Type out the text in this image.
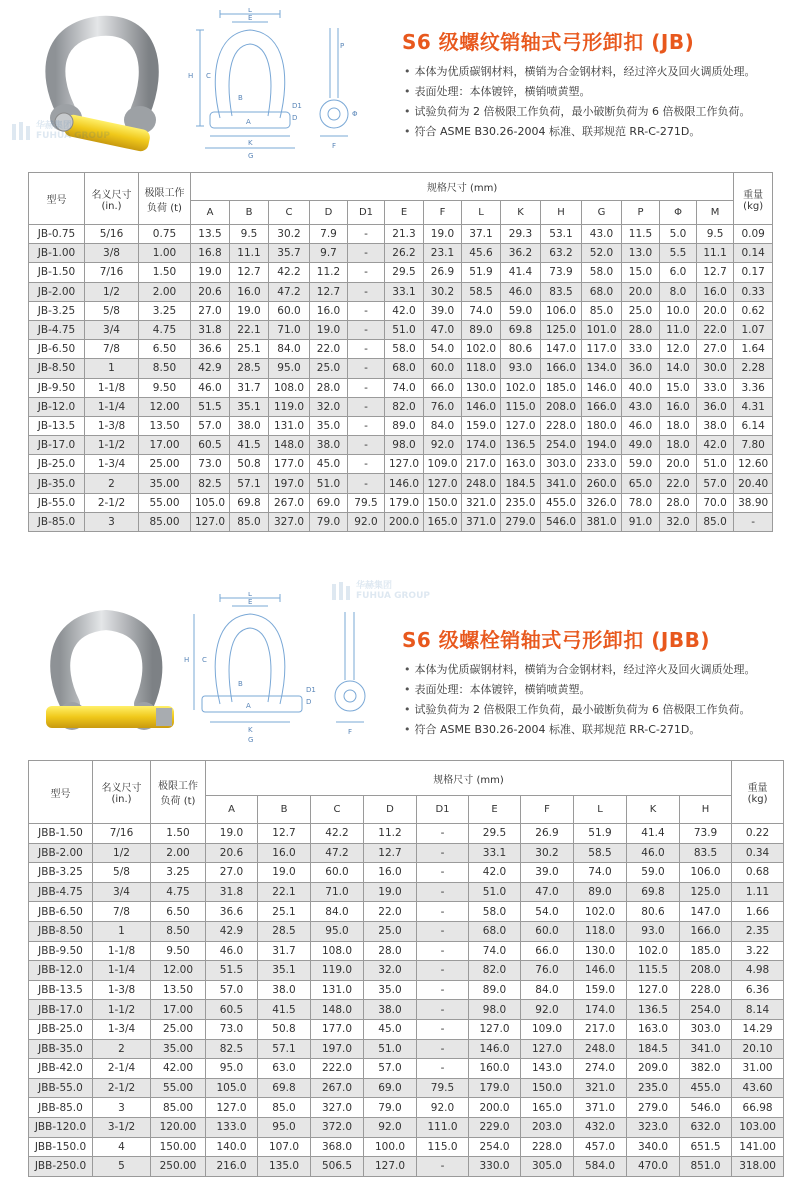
L
E
H C
G
K
A
B
F
D
D1
P
Φ
S6 级螺纹销轴式弓形卸扣 (JB)
• 本体为优质碳钢材料，横销为合金钢材料，经过淬火及回火调质处理。
• 表面处理：本体镀锌，横销喷黄塑。
• 试验负荷为 2 倍极限工作负荷，最小破断负荷为 6 倍极限工作负荷。
• 符合 ASME B30.26-2004 标准、联邦规范 RR-C-271D。
华赫集团
FUHUA GROUP
型号	名义尺寸
(in.)	极限工作
负荷 (t)	规格尺寸 (mm)														重量
(kg)
			A	B	C	D	D1	E	F	L	K	H	G	P	Φ	M	
JB-0.75	5/16	0.75	13.5	9.5	30.2	7.9	-	21.3	19.0	37.1	29.3	53.1	43.0	11.5	5.0	9.5	0.09
JB-1.00	3/8	1.00	16.8	11.1	35.7	9.7	-	26.2	23.1	45.6	36.2	63.2	52.0	13.0	5.5	11.1	0.14
JB-1.50	7/16	1.50	19.0	12.7	42.2	11.2	-	29.5	26.9	51.9	41.4	73.9	58.0	15.0	6.0	12.7	0.17
JB-2.00	1/2	2.00	20.6	16.0	47.2	12.7	-	33.1	30.2	58.5	46.0	83.5	68.0	20.0	8.0	16.0	0.33
JB-3.25	5/8	3.25	27.0	19.0	60.0	16.0	-	42.0	39.0	74.0	59.0	106.0	85.0	25.0	10.0	20.0	0.62
JB-4.75	3/4	4.75	31.8	22.1	71.0	19.0	-	51.0	47.0	89.0	69.8	125.0	101.0	28.0	11.0	22.0	1.07
JB-6.50	7/8	6.50	36.6	25.1	84.0	22.0	-	58.0	54.0	102.0	80.6	147.0	117.0	33.0	12.0	27.0	1.64
JB-8.50	1	8.50	42.9	28.5	95.0	25.0	-	68.0	60.0	118.0	93.0	166.0	134.0	36.0	14.0	30.0	2.28
JB-9.50	1-1/8	9.50	46.0	31.7	108.0	28.0	-	74.0	66.0	130.0	102.0	185.0	146.0	40.0	15.0	33.0	3.36
JB-12.0	1-1/4	12.00	51.5	35.1	119.0	32.0	-	82.0	76.0	146.0	115.0	208.0	166.0	43.0	16.0	36.0	4.31
JB-13.5	1-3/8	13.50	57.0	38.0	131.0	35.0	-	89.0	84.0	159.0	127.0	228.0	180.0	46.0	18.0	38.0	6.14
JB-17.0	1-1/2	17.00	60.5	41.5	148.0	38.0	-	98.0	92.0	174.0	136.5	254.0	194.0	49.0	18.0	42.0	7.80
JB-25.0	1-3/4	25.00	73.0	50.8	177.0	45.0	-	127.0	109.0	217.0	163.0	303.0	233.0	59.0	20.0	51.0	12.60
JB-35.0	2	35.00	82.5	57.1	197.0	51.0	-	146.0	127.0	248.0	184.5	341.0	260.0	65.0	22.0	57.0	20.40
JB-55.0	2-1/2	55.00	105.0	69.8	267.0	69.0	79.5	179.0	150.0	321.0	235.0	455.0	326.0	78.0	28.0	70.0	38.90
JB-85.0	3	85.00	127.0	85.0	327.0	79.0	92.0	200.0	165.0	371.0	279.0	546.0	381.0	91.0	32.0	85.0	-
L
E
H C
G
K
A
B
F
D
D1
S6 级螺栓销轴式弓形卸扣 (JBB)
• 本体为优质碳钢材料，横销为合金钢材料，经过淬火及回火调质处理。
• 表面处理：本体镀锌，横销喷黄塑。
• 试验负荷为 2 倍极限工作负荷，最小破断负荷为 6 倍极限工作负荷。
• 符合 ASME B30.26-2004 标准、联邦规范 RR-C-271D。
华赫集团
FUHUA GROUP
型号	名义尺寸
(in.)	极限工作
负荷 (t)	规格尺寸 (mm)										重量
(kg)
			A	B	C	D	D1	E	F	L	K	H	
JBB-1.50	7/16	1.50	19.0	12.7	42.2	11.2	-	29.5	26.9	51.9	41.4	73.9	0.22
JBB-2.00	1/2	2.00	20.6	16.0	47.2	12.7	-	33.1	30.2	58.5	46.0	83.5	0.34
JBB-3.25	5/8	3.25	27.0	19.0	60.0	16.0	-	42.0	39.0	74.0	59.0	106.0	0.68
JBB-4.75	3/4	4.75	31.8	22.1	71.0	19.0	-	51.0	47.0	89.0	69.8	125.0	1.11
JBB-6.50	7/8	6.50	36.6	25.1	84.0	22.0	-	58.0	54.0	102.0	80.6	147.0	1.66
JBB-8.50	1	8.50	42.9	28.5	95.0	25.0	-	68.0	60.0	118.0	93.0	166.0	2.35
JBB-9.50	1-1/8	9.50	46.0	31.7	108.0	28.0	-	74.0	66.0	130.0	102.0	185.0	3.22
JBB-12.0	1-1/4	12.00	51.5	35.1	119.0	32.0	-	82.0	76.0	146.0	115.5	208.0	4.98
JBB-13.5	1-3/8	13.50	57.0	38.0	131.0	35.0	-	89.0	84.0	159.0	127.0	228.0	6.36
JBB-17.0	1-1/2	17.00	60.5	41.5	148.0	38.0	-	98.0	92.0	174.0	136.5	254.0	8.14
JBB-25.0	1-3/4	25.00	73.0	50.8	177.0	45.0	-	127.0	109.0	217.0	163.0	303.0	14.29
JBB-35.0	2	35.00	82.5	57.1	197.0	51.0	-	146.0	127.0	248.0	184.5	341.0	20.10
JBB-42.0	2-1/4	42.00	95.0	63.0	222.0	57.0	-	160.0	143.0	274.0	209.0	382.0	31.00
JBB-55.0	2-1/2	55.00	105.0	69.8	267.0	69.0	79.5	179.0	150.0	321.0	235.0	455.0	43.60
JBB-85.0	3	85.00	127.0	85.0	327.0	79.0	92.0	200.0	165.0	371.0	279.0	546.0	66.98
JBB-120.0	3-1/2	120.00	133.0	95.0	372.0	92.0	111.0	229.0	203.0	432.0	323.0	632.0	103.00
JBB-150.0	4	150.00	140.0	107.0	368.0	100.0	115.0	254.0	228.0	457.0	340.0	651.5	141.00
JBB-250.0	5	250.00	216.0	135.0	506.5	127.0	-	330.0	305.0	584.0	470.0	851.0	318.00
